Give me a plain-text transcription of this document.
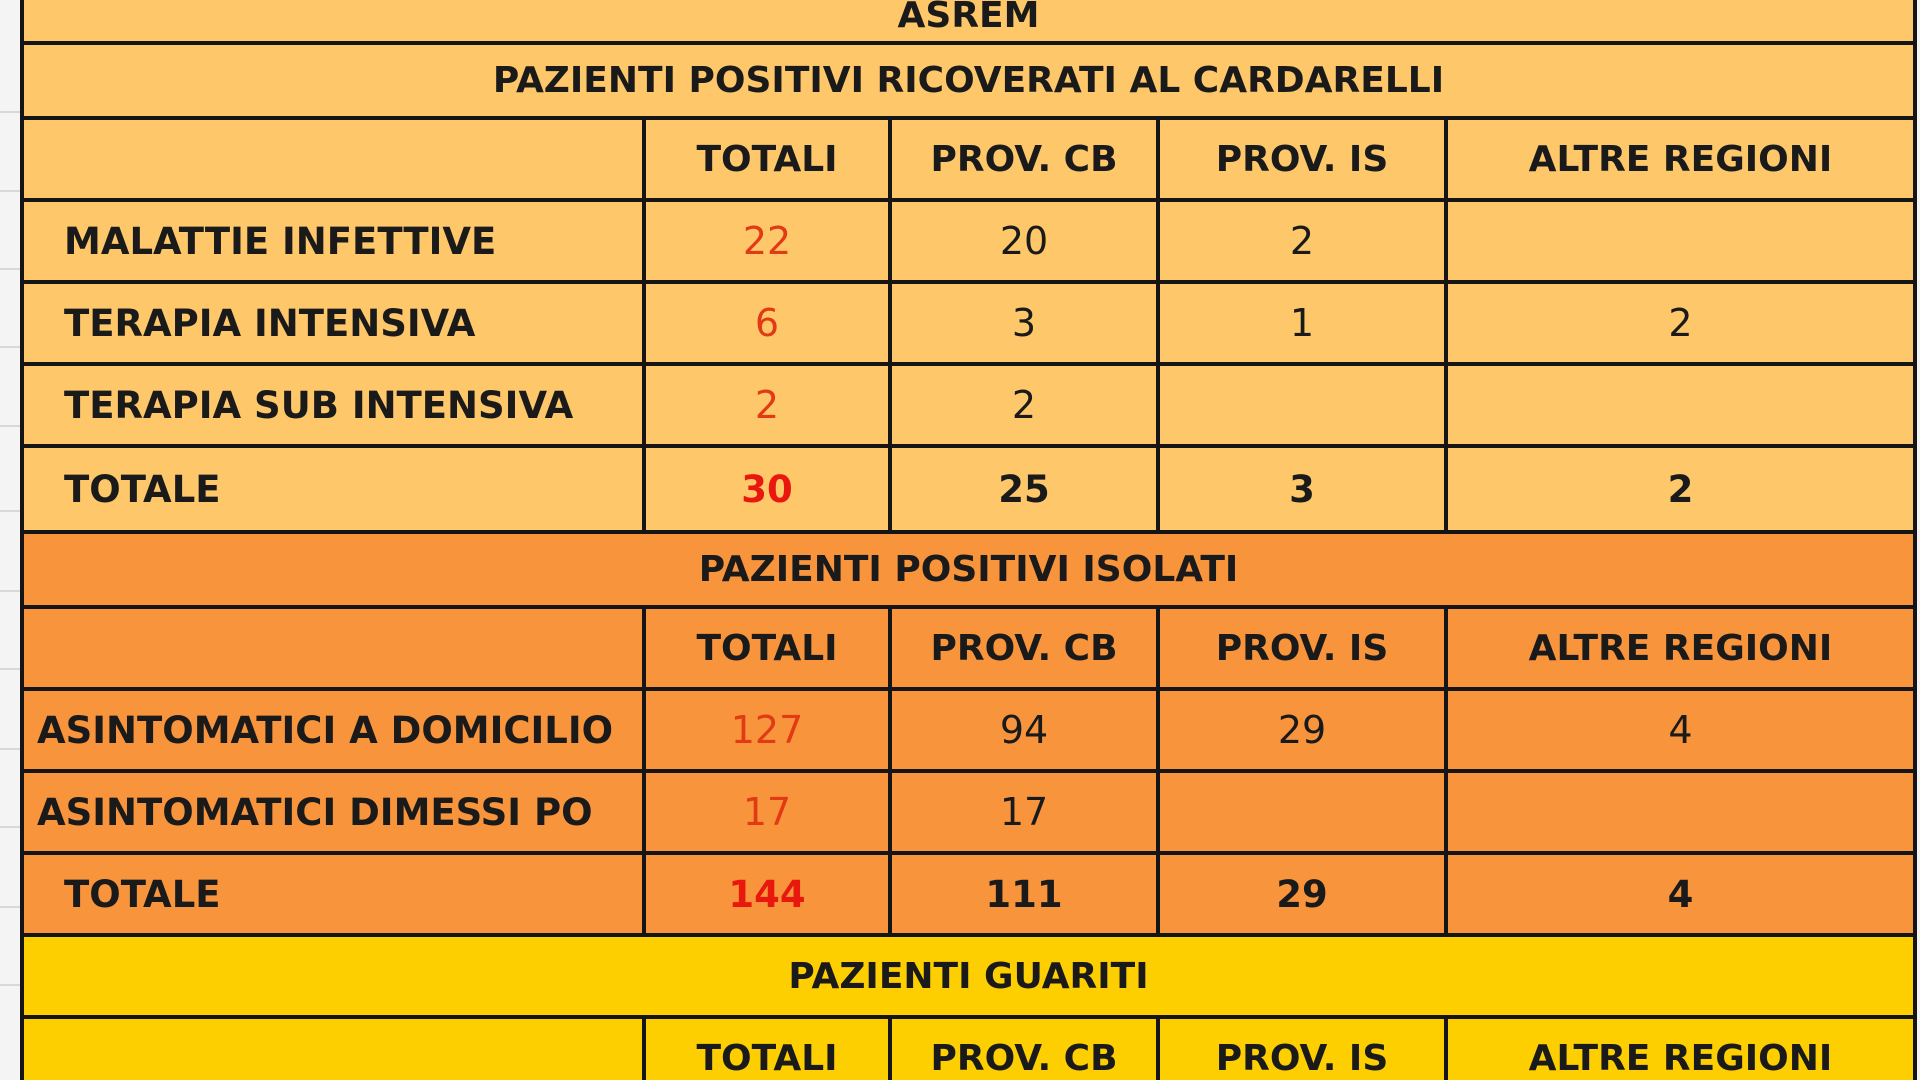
ASREM				
PAZIENTI POSITIVI RICOVERATI AL CARDARELLI				
	TOTALI	PROV. CB	PROV. IS	ALTRE REGIONI
MALATTIE INFETTIVE	22	20	2	
TERAPIA INTENSIVA	6	3	1	2
TERAPIA SUB INTENSIVA	2	2		
TOTALE	30	25	3	2
PAZIENTI POSITIVI ISOLATI				
	TOTALI	PROV. CB	PROV. IS	ALTRE REGIONI
ASINTOMATICI A DOMICILIO	127	94	29	4
ASINTOMATICI DIMESSI PO	17	17		
TOTALE	144	111	29	4
PAZIENTI GUARITI				
	TOTALI	PROV. CB	PROV. IS	ALTRE REGIONI
